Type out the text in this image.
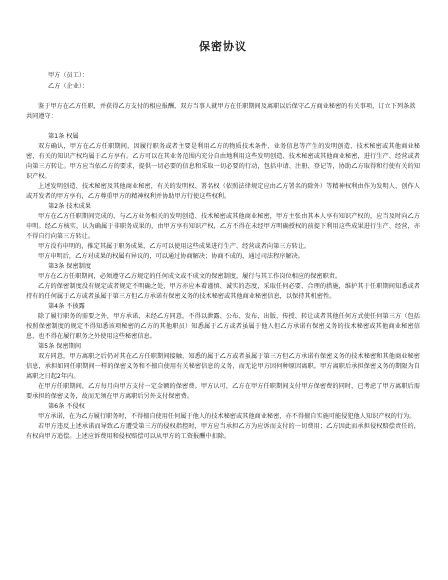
保密协议
甲方（员工）：
乙方（企业）：

鉴于甲方在乙方任职，并获得乙方支付的相应报酬，双方当事人就甲方在任职期间及离职以后保守乙方商业秘密的有关事项，订立下列条款共同遵守：

第1条 权属

双方确认，甲方在乙方任职期间，因履行职务或者主要是利用乙方的物质技术条件、业务信息等产生的发明创造、技术秘密或其他商业秘密，有关的知识产权均属于乙方享有。乙方可以在其业务范围内充分自由地利用这些发明创造、技术秘密或其他商业秘密，进行生产、经营或者向第三方转让。甲方应当依乙方的要求，提供一切必要的信息和采取一切必要的行动，包括申请、注册、登记等，协助乙方取得和行使有关的知识产权。

上述发明创造、技术秘密及其他商业秘密，有关的发明权、署名权（依照法律规定应由乙方署名的除外）等精神权利由作为发明人、创作人或开发者的甲方享有，乙方尊重甲方的精神权利并协助甲方行使这些权利。

第2条 技术成果

甲方在乙方任职期间完成的、与乙方业务相关的发明创造、技术秘密或其他商业秘密，甲方主张由其本人享有知识产权的，应当及时向乙方申明。经乙方核实，认为确属于非职务成果的，由甲方享有知识产权，乙方不得在未经甲方明确授权的前提下利用这些成果进行生产、经营，亦不得自行向第三方转让。

甲方没有申明的，推定其属于职务成果，乙方可以使用这些成果进行生产、经营或者向第三方转让。

甲方申明后，乙方对成果的权属有异议的，可以通过协商解决；协商不成的，通过司法程序解决。

第3条 保密制度

甲方在乙方任职期间，必须遵守乙方规定的任何成文或不成文的保密制度，履行与其工作岗位相应的保密职责。

乙方的保密制度没有规定或者规定不明确之处，甲方亦应本着谨慎、诚实的态度，采取任何必要、合理的措施，维护其于任职期间知悉或者持有的任何属于乙方或者虽属于第三方但乙方承诺有保密义务的技术秘密或其他商业秘密信息，以保持其机密性。

第4条 不披露

除了履行职务的需要之外，甲方承诺，未经乙方同意，不得以泄露、公布、发布、出版、传授、转让或者其他任何方式使任何第三方（包括按照保密制度的规定不得知悉该项秘密的乙方的其他职员）知悉属于乙方或者虽属于他人但乙方承诺有保密义务的技术秘密或其他商业秘密信息，也不得在履行职务之外使用这些秘密信息。

第5条 保密期间

双方同意，甲方离职之后仍对其在乙方任职期间接触、知悉的属于乙方或者虽属于第三方但乙方承诺有保密义务的技术秘密和其他商业秘密信息，承担如同任职期间一样的保密义务和不擅自使用有关秘密信息的义务，而无论甲方因何种原因离职。甲方离职后承担保密义务的期限为自离职之日起2年内。

在甲方任职期间，乙方每月向甲方支付一定金额的保密费。甲方认可，乙方在甲方任职期间支付甲方保密费的同时，已考虑了甲方离职后需要承担的保密义务，故而无须在甲方离职后另外支付保密费。

第6条 不侵权

甲方承诺，在为乙方履行职务时，不得擅自使用任何属于他人的技术秘密或其他商业秘密，亦不得擅自实施可能侵犯他人知识产权的行为。

若甲方违反上述承诺而导致乙方遭受第三方的侵权指控时，甲方应当承担乙方为应诉而支付的一切费用；乙方因此而承担侵权赔偿责任的，有权向甲方追偿。上述应诉费用和侵权赔偿可以从甲方的工资报酬中扣除。
